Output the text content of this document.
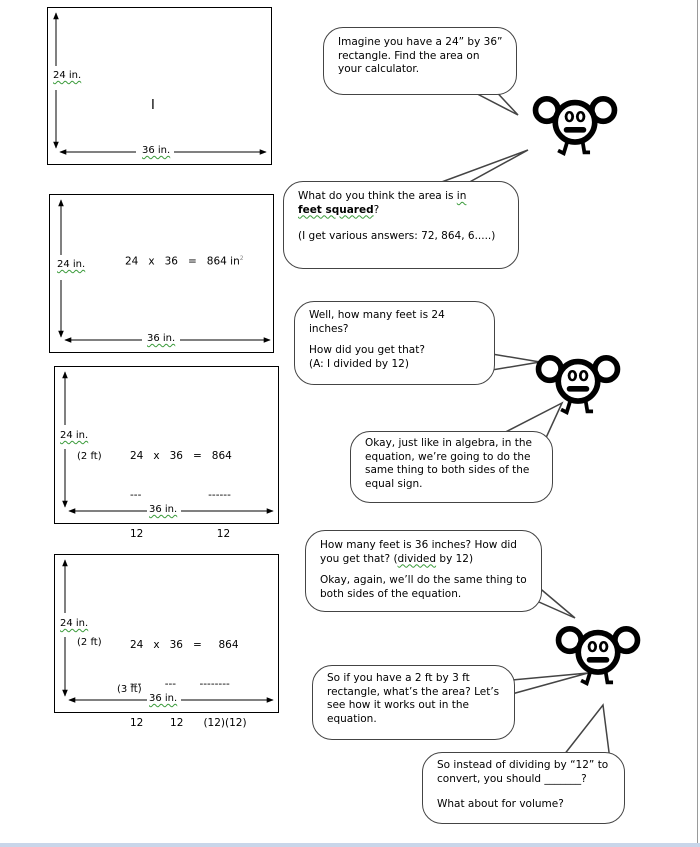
24 in.
36 in.
I
24 in.
36 in.
24   x   36   =   864 $in^2$
24 in.
(2 ft)
36 in.

24   x   36   =   864

---                    ------

12                      12

24 in.
(2 ft)
(3 ft)
36 in.

24   x   36   =     864

---       ---       --------

12        12      (12)(12)

Imagine you have a 24” by 36” rectangle. Find the area on your calculator.

What do you think the area is in
feet squared?

(I get various answers: 72, 864, 6.....)

Well, how many feet is 24 inches?

How did you get that?
(A: I divided by 12)

Okay, just like in algebra, in the equation, we’re going to do the same thing to both sides of the equal sign.

How many feet is 36 inches? How did you get that? (divided by 12)

Okay, again, we’ll do the same thing to both sides of the equation.

So if you have a 2 ft by 3 ft rectangle, what’s the area? Let’s see how it works out in the equation.

So instead of dividing by “12” to convert, you should _______?

What about for volume?
